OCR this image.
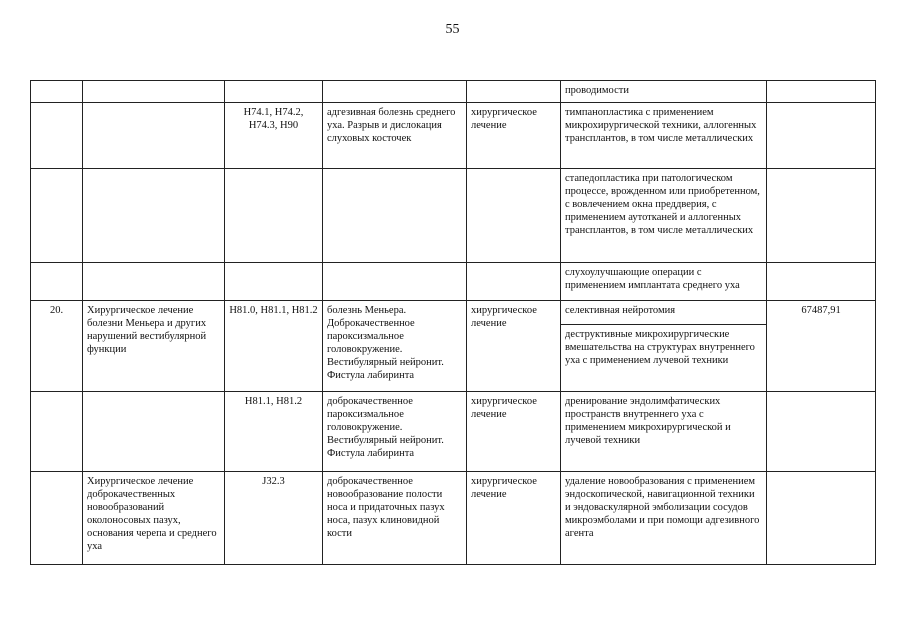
55
					проводимости	
		H74.1, H74.2, H74.3, H90	адгезивная болезнь среднего уха. Разрыв и дислокация слуховых косточек	хирургическое лечение	тимпанопластика с применением микрохирургической техники, аллогенных трансплантов, в том числе металлических	
					стапедопластика при патологическом процессе, врожденном или приобретенном, с вовлечением окна преддверия, с применением аутотканей и аллогенных трансплантов, в том числе металлических	
					слухоулучшающие операции с применением имплантата среднего уха	
20.	Хирургическое лечение болезни Меньера и других нарушений вестибулярной функции	H81.0, H81.1, H81.2	болезнь Меньера. Доброкачественное пароксизмальное головокружение. Вестибулярный нейронит. Фистула лабиринта	хирургическое лечение	селективная нейротомия	67487,91
					деструктивные микрохирургические вмешательства на структурах внутреннего уха с применением лучевой техники	
		H81.1, H81.2	доброкачественное пароксизмальное головокружение. Вестибулярный нейронит. Фистула лабиринта	хирургическое лечение	дренирование эндолимфатических пространств внутреннего уха с применением микрохирургической и лучевой техники	
	Хирургическое лечение доброкачественных новообразований околоносовых пазух, основания черепа и среднего уха	J32.3	доброкачественное новообразование полости носа и придаточных пазух носа, пазух клиновидной кости	хирургическое лечение	удаление новообразования с применением эндоскопической, навигационной техники и эндоваскулярной эмболизации сосудов микроэмболами и при помощи адгезивного агента	
